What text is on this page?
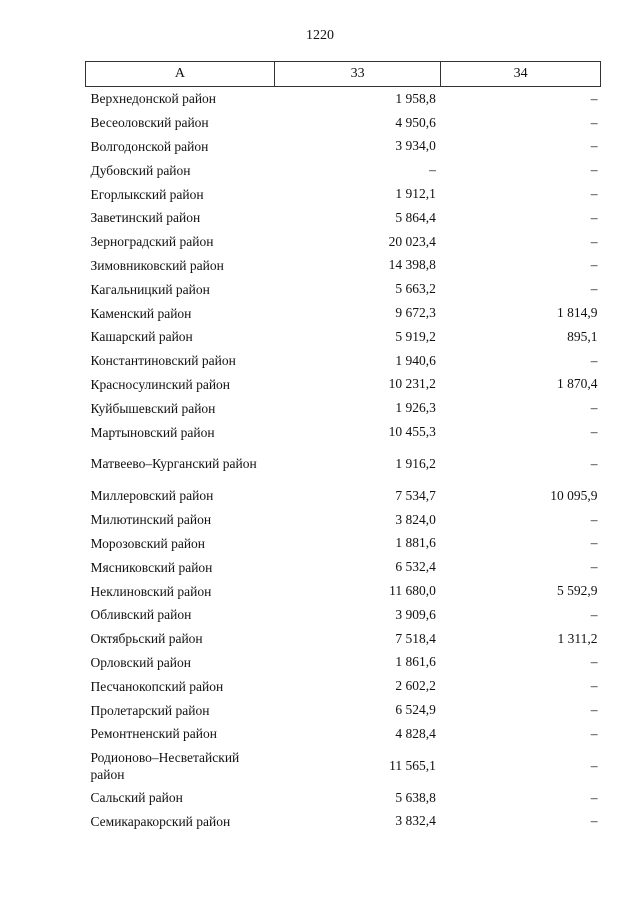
1220
А	33	34
Верхнедонской район	1 958,8	–
Весеоловский район	4 950,6	–
Волгодонской район	3 934,0	–
Дубовский район	–	–
Егорлыкский район	1 912,1	–
Заветинский район	5 864,4	–
Зерноградский район	20 023,4	–
Зимовниковский район	14 398,8	–
Кагальницкий район	5 663,2	–
Каменский район	9 672,3	1 814,9
Кашарский район	5 919,2	895,1
Константиновский район	1 940,6	–
Красносулинский район	10 231,2	1 870,4
Куйбышевский район	1 926,3	–
Мартыновский район	10 455,3	–
Матвеево–Курганский район	1 916,2	–
Миллеровский район	7 534,7	10 095,9
Милютинский район	3 824,0	–
Морозовский район	1 881,6	–
Мясниковский район	6 532,4	–
Неклиновский район	11 680,0	5 592,9
Обливский район	3 909,6	–
Октябрьский район	7 518,4	1 311,2
Орловский район	1 861,6	–
Песчанокопский район	2 602,2	–
Пролетарский район	6 524,9	–
Ремонтненский район	4 828,4	–
Родионово–Несветайский район	11 565,1	–
Сальский район	5 638,8	–
Семикаракорский район	3 832,4	–
